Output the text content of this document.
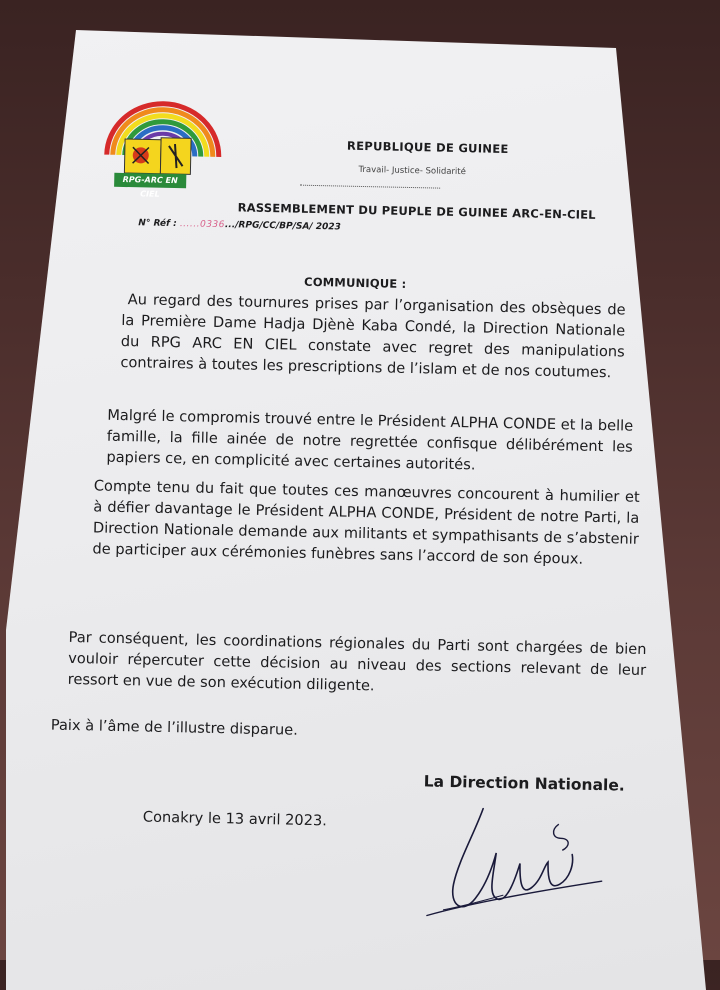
RPG-ARC EN CIEL
REPUBLIQUE DE GUINEE
Travail- Justice- Solidarité
RASSEMBLEMENT DU PEUPLE DE GUINEE ARC-EN-CIEL
N° Réf : ......0336.../RPG/CC/BP/SA/ 2023
COMMUNIQUE :
Au regard des tournures prises par l’organisation des obsèques de la Première Dame Hadja Djènè Kaba Condé, la Direction Nationale du RPG ARC EN CIEL constate avec regret des manipulations contraires à toutes les prescriptions de l’islam et de nos coutumes.
Malgré le compromis trouvé entre le Président ALPHA CONDE et la belle famille, la fille ainée de notre regrettée confisque délibérément les papiers ce, en complicité avec certaines autorités.
Compte tenu du fait que toutes ces manœuvres concourent à humilier et à défier davantage le Président ALPHA CONDE, Président de notre Parti, la Direction Nationale demande aux militants et sympathisants de s’abstenir de participer aux cérémonies funèbres sans l’accord de son époux.
Par conséquent, les coordinations régionales du Parti sont chargées de bien vouloir répercuter cette décision au niveau des sections relevant de leur ressort en vue de son exécution diligente.
Paix à l’âme de l’illustre disparue.
La Direction Nationale.
Conakry le 13 avril 2023.
